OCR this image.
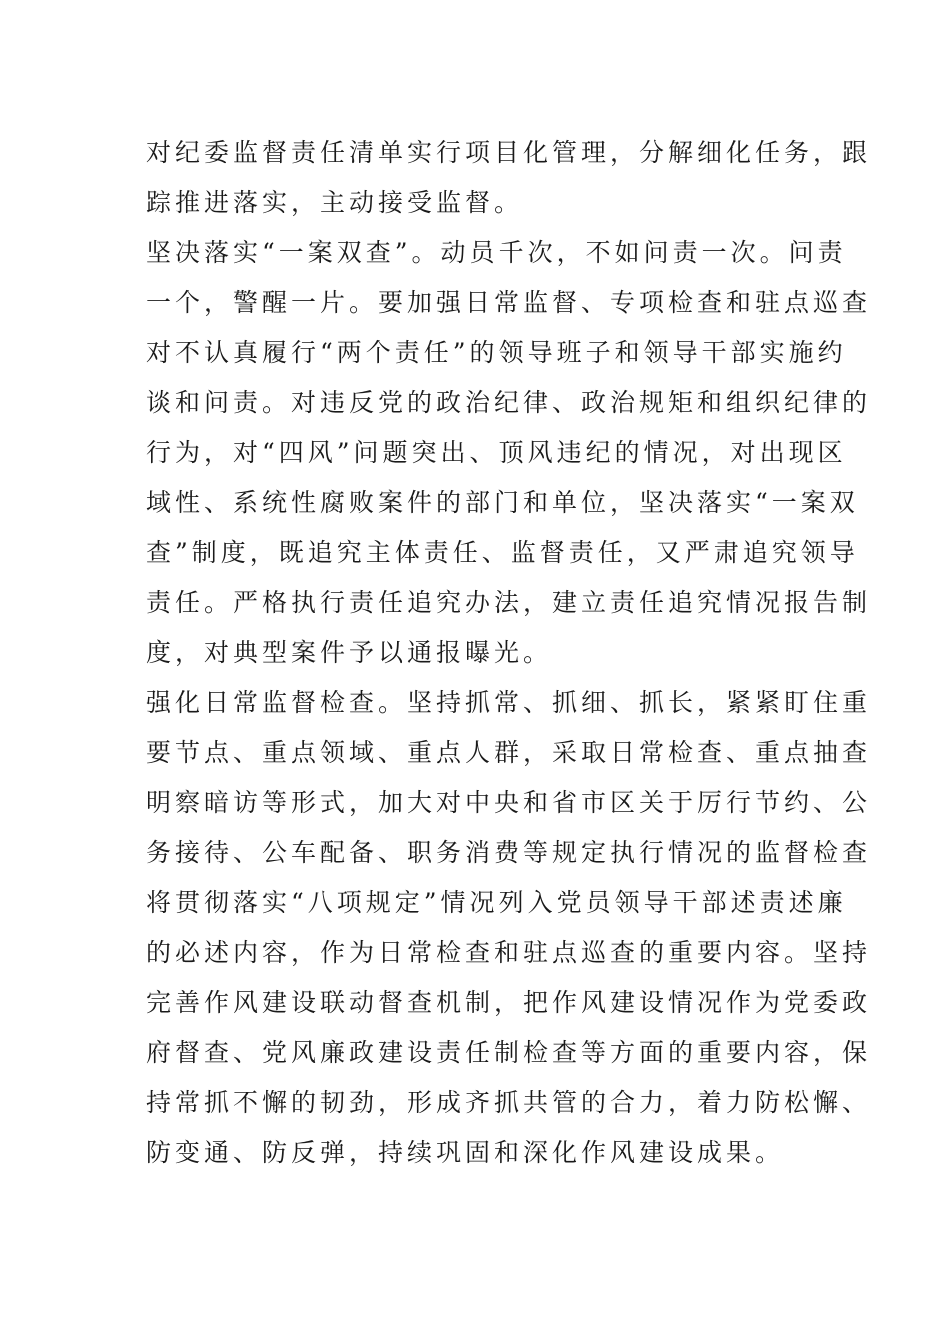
对纪委监督责任清单实行项目化管理，分解细化任务，跟
踪推进落实，主动接受监督。
坚决落实“一案双查”。动员千次，不如问责一次。问责
一个，警醒一片。要加强日常监督、专项检查和驻点巡查
对不认真履行“两个责任”的领导班子和领导干部实施约
谈和问责。对违反党的政治纪律、政治规矩和组织纪律的
行为，对“四风”问题突出、顶风违纪的情况，对出现区
域性、系统性腐败案件的部门和单位，坚决落实“一案双
查”制度，既追究主体责任、监督责任，又严肃追究领导
责任。严格执行责任追究办法，建立责任追究情况报告制
度，对典型案件予以通报曝光。
强化日常监督检查。坚持抓常、抓细、抓长，紧紧盯住重
要节点、重点领域、重点人群，采取日常检查、重点抽查
明察暗访等形式，加大对中央和省市区关于厉行节约、公
务接待、公车配备、职务消费等规定执行情况的监督检查
将贯彻落实“八项规定”情况列入党员领导干部述责述廉
的必述内容，作为日常检查和驻点巡查的重要内容。坚持
完善作风建设联动督查机制，把作风建设情况作为党委政
府督查、党风廉政建设责任制检查等方面的重要内容，保
持常抓不懈的韧劲，形成齐抓共管的合力，着力防松懈、
防变通、防反弹，持续巩固和深化作风建设成果。
